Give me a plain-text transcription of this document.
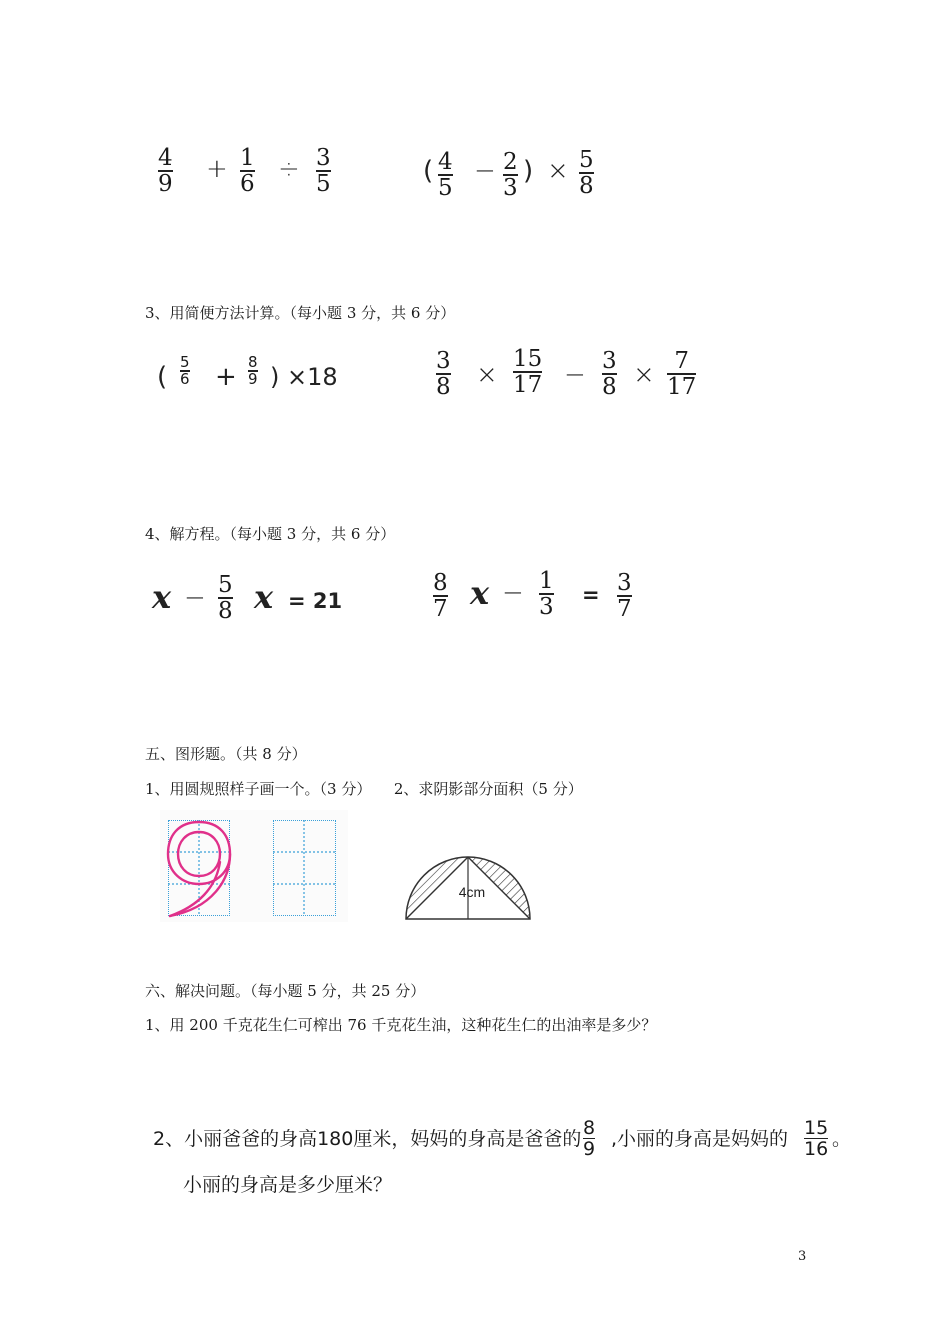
4
9 + 1
6 ÷ 3
5	( 4
5
− 2
3
) × 5
8
3、用简便方法计算。（每小题 3 分，共 6 分）
( 5
6 + 8
9 ) ×18
3
8 ×
15
17 − 3
8 × 7
17
4、解方程。（每小题 3 分，共 6 分）
x − 5
8 x = 21
8
7 x − 1
3 = 3
7
五、图形题。（共 8 分）
1、用圆规照样子画一个。（3 分）　　2、求阴影部分面积（5 分）
4cm
六、解决问题。（每小题 5 分，共 25 分）
1、用 200 千克花生仁可榨出 76 千克花生油，这种花生仁的出油率是多少？
2、小丽爸爸的身高180厘米，妈妈的身高是爸爸的 8
9 ,小丽的身高是妈妈的 15
16 。
小丽的身高是多少厘米？
3
